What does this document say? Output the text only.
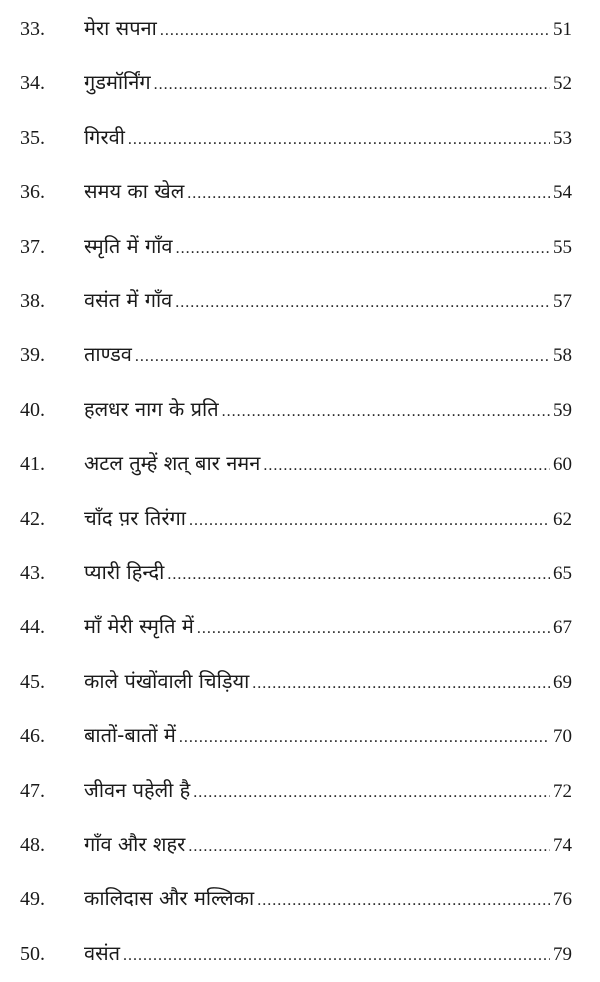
33. मेरा सपना .....	51
34. गुडमॉर्निंग .....	52
35. गिरवी .....	53
36. समय का खेल .....	54
37. स्मृति में गाँव .....	55
38. वसंत में गाँव .....	57
39. ताण्डव .....	58
40. हलधर नाग के प्रति .....	59
41. अटल तुम्हें शत् बार नमन .....	60
42. चाँद प़र तिरंगा .....	62
43. प्यारी हिन्दी .....	65
44. माँ मेरी स्मृति में .....	67
45. काले पंखोंवाली चिड़िया .....	69
46. बातों-बातों में .....	70
47. जीवन पहेली है .....	72
48. गाँव और शहर .....	74
49. कालिदास और मल्लिका .....	76
50. वसंत .....	79
